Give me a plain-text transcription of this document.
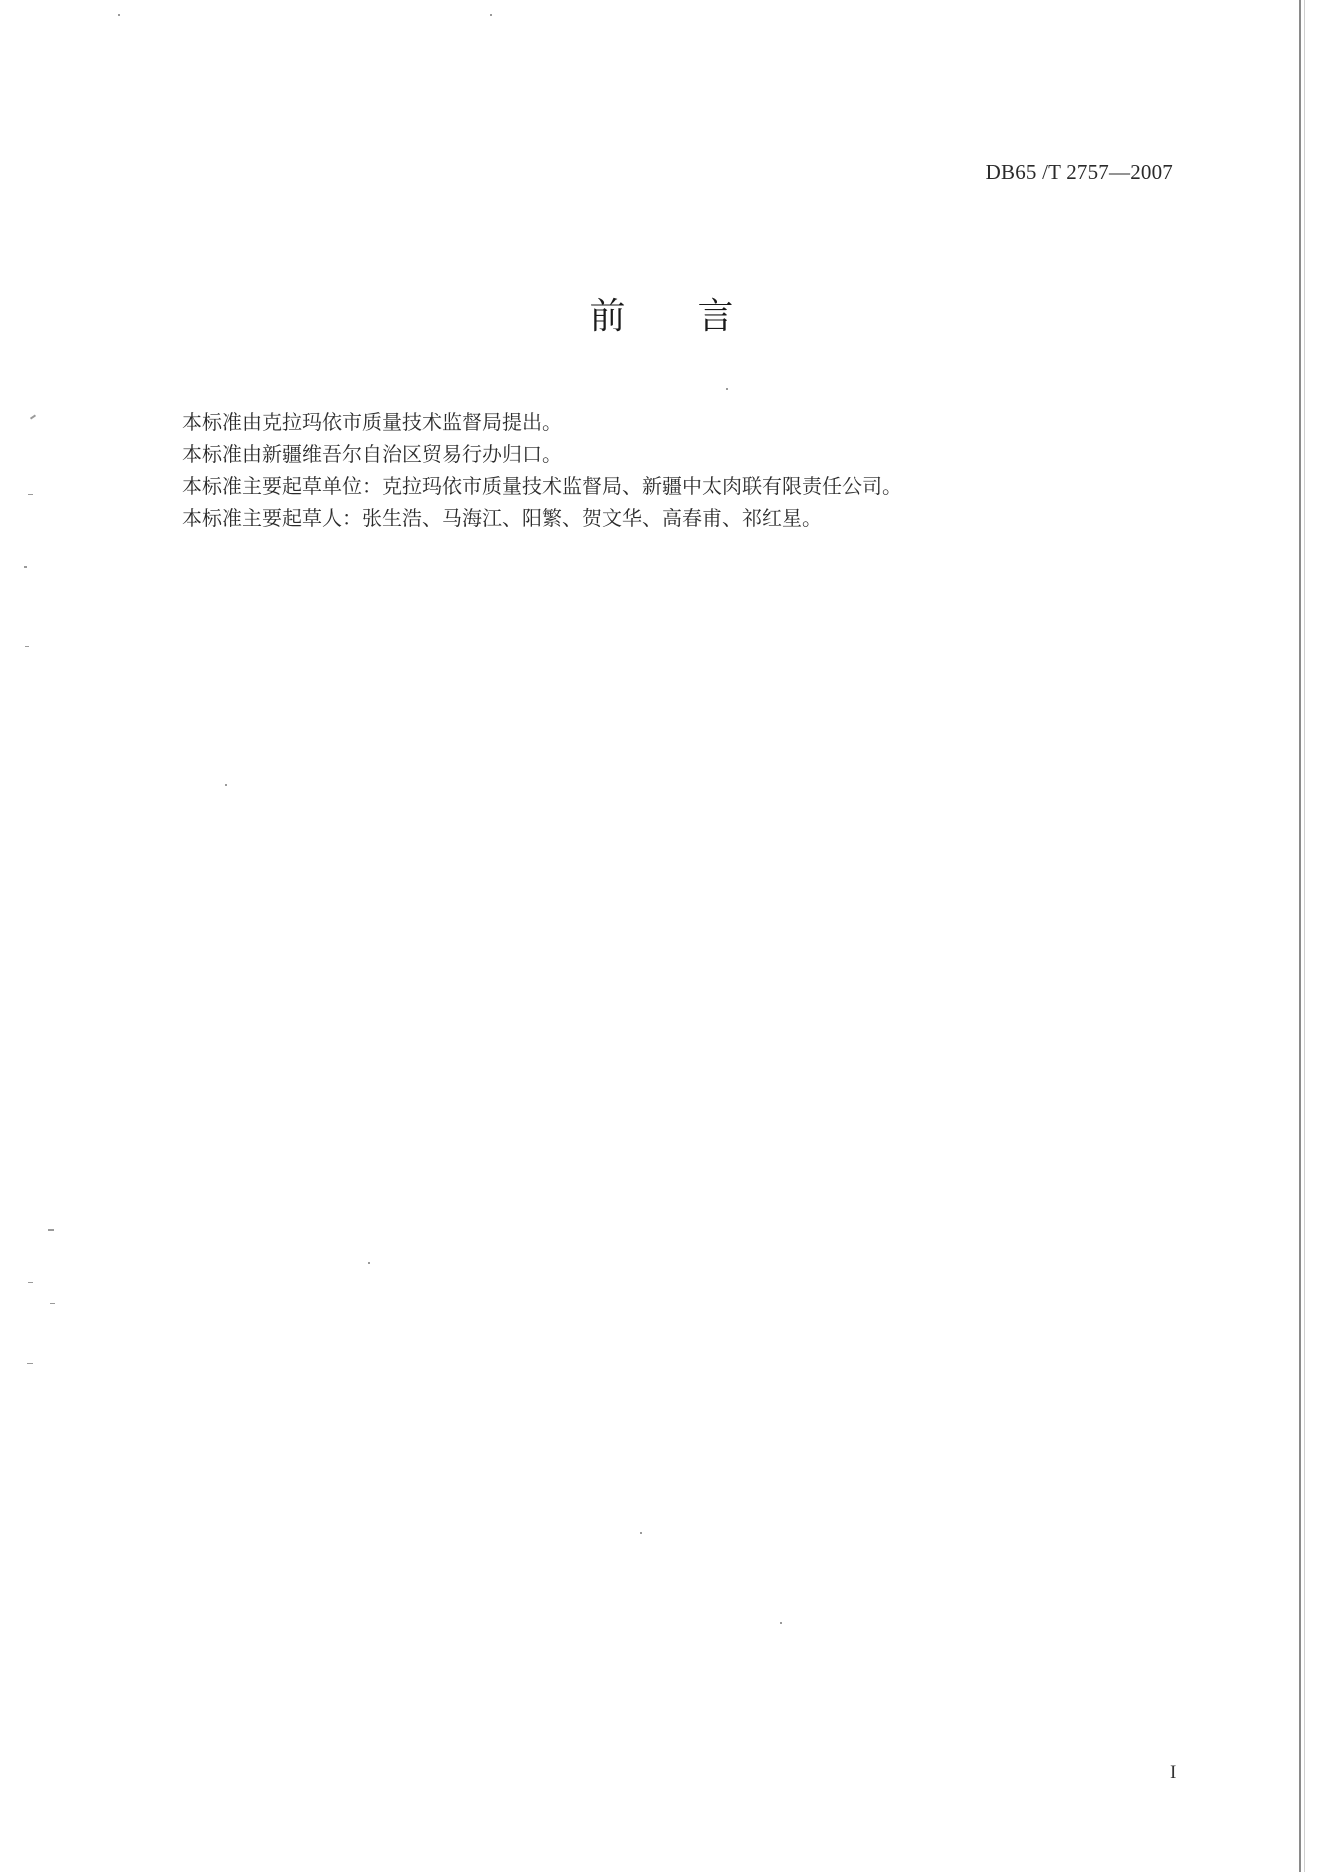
DB65 /T 2757—2007
前 言
本标准由克拉玛依市质量技术监督局提出。
本标准由新疆维吾尔自治区贸易行办归口。
本标准主要起草单位：克拉玛依市质量技术监督局、新疆中太肉联有限责任公司。
本标准主要起草人：张生浩、马海江、阳繁、贺文华、高春甫、祁红星。
I
